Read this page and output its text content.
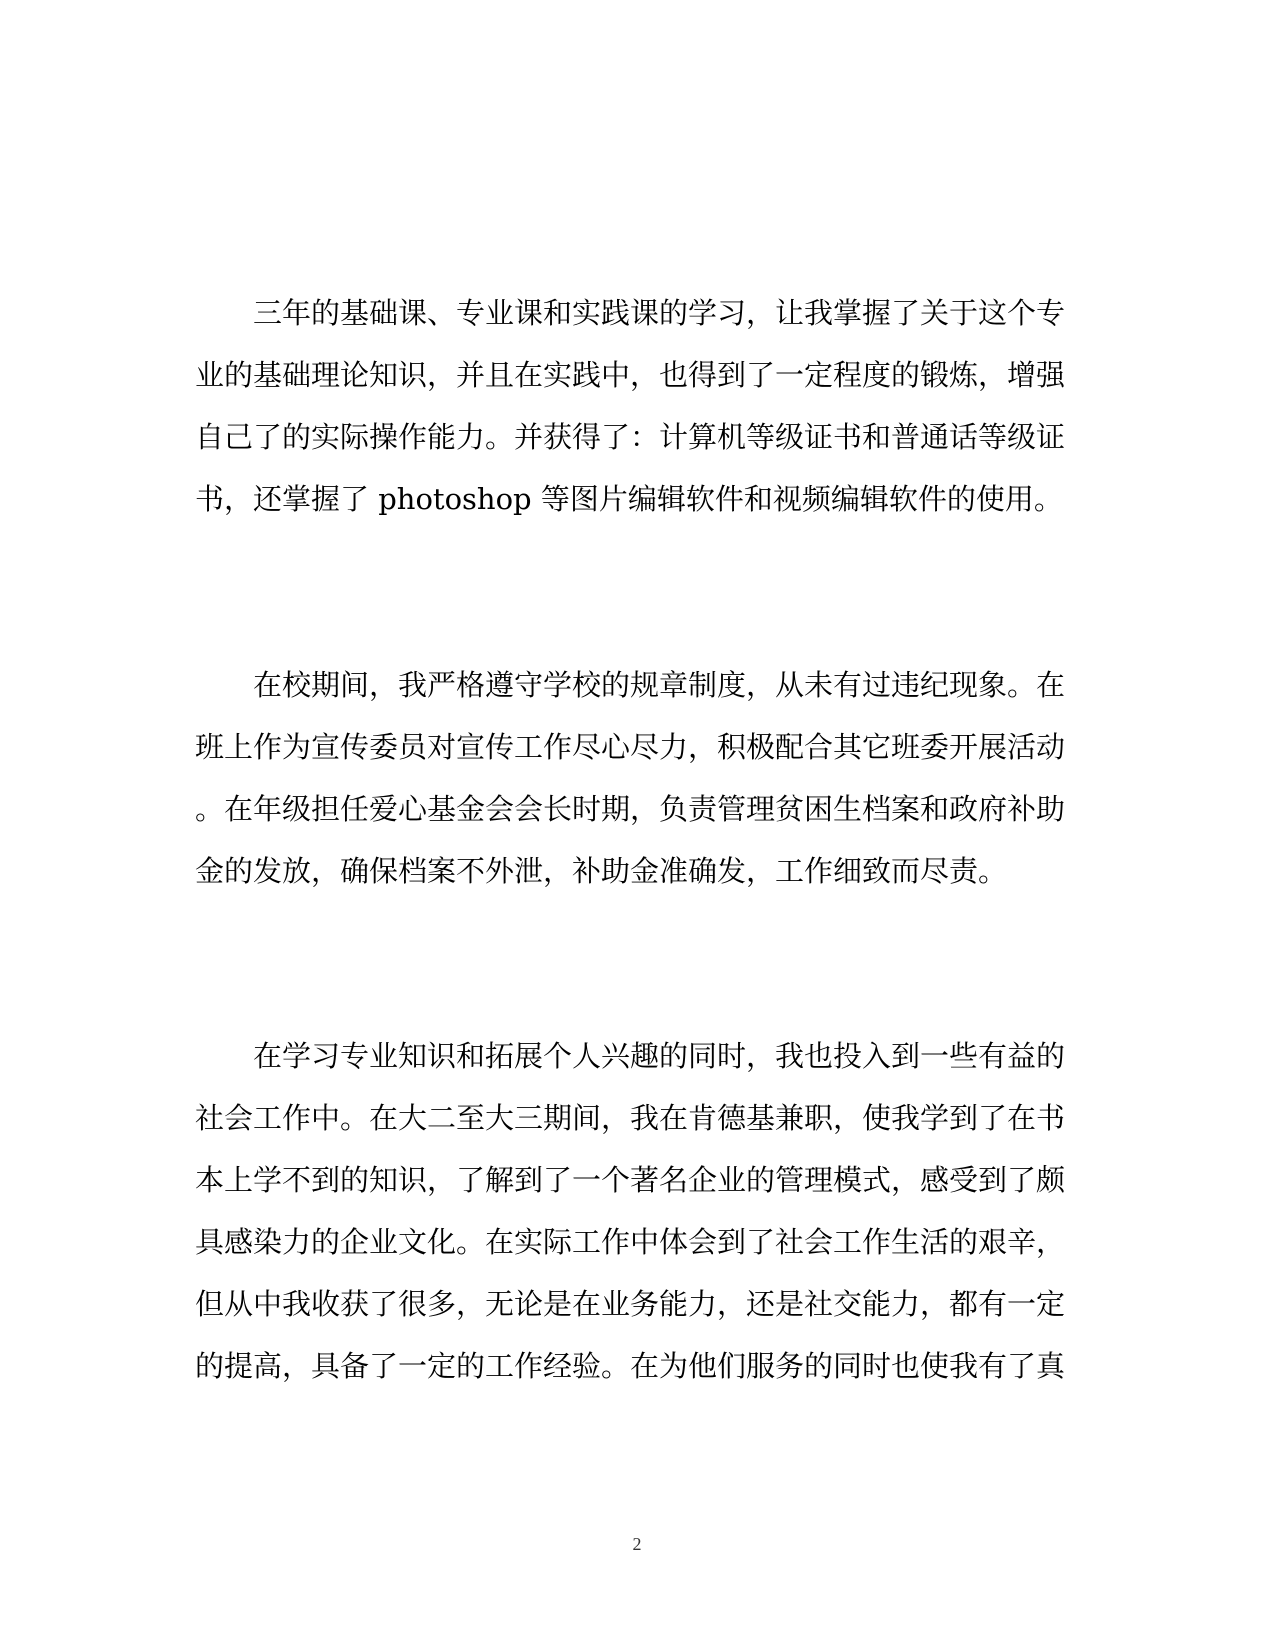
三年的基础课、专业课和实践课的学习，让我掌握了关于这个专
业的基础理论知识，并且在实践中，也得到了一定程度的锻炼，增强
自己了的实际操作能力。并获得了：计算机等级证书和普通话等级证
书，还掌握了 photoshop 等图片编辑软件和视频编辑软件的使用。
在校期间，我严格遵守学校的规章制度，从未有过违纪现象。在
班上作为宣传委员对宣传工作尽心尽力，积极配合其它班委开展活动
。在年级担任爱心基金会会长时期，负责管理贫困生档案和政府补助
金的发放，确保档案不外泄，补助金准确发，工作细致而尽责。
在学习专业知识和拓展个人兴趣的同时，我也投入到一些有益的
社会工作中。在大二至大三期间，我在肯德基兼职，使我学到了在书
本上学不到的知识，了解到了一个著名企业的管理模式，感受到了颇
具感染力的企业文化。在实际工作中体会到了社会工作生活的艰辛，
但从中我收获了很多，无论是在业务能力，还是社交能力，都有一定
的提高，具备了一定的工作经验。在为他们服务的同时也使我有了真
2
